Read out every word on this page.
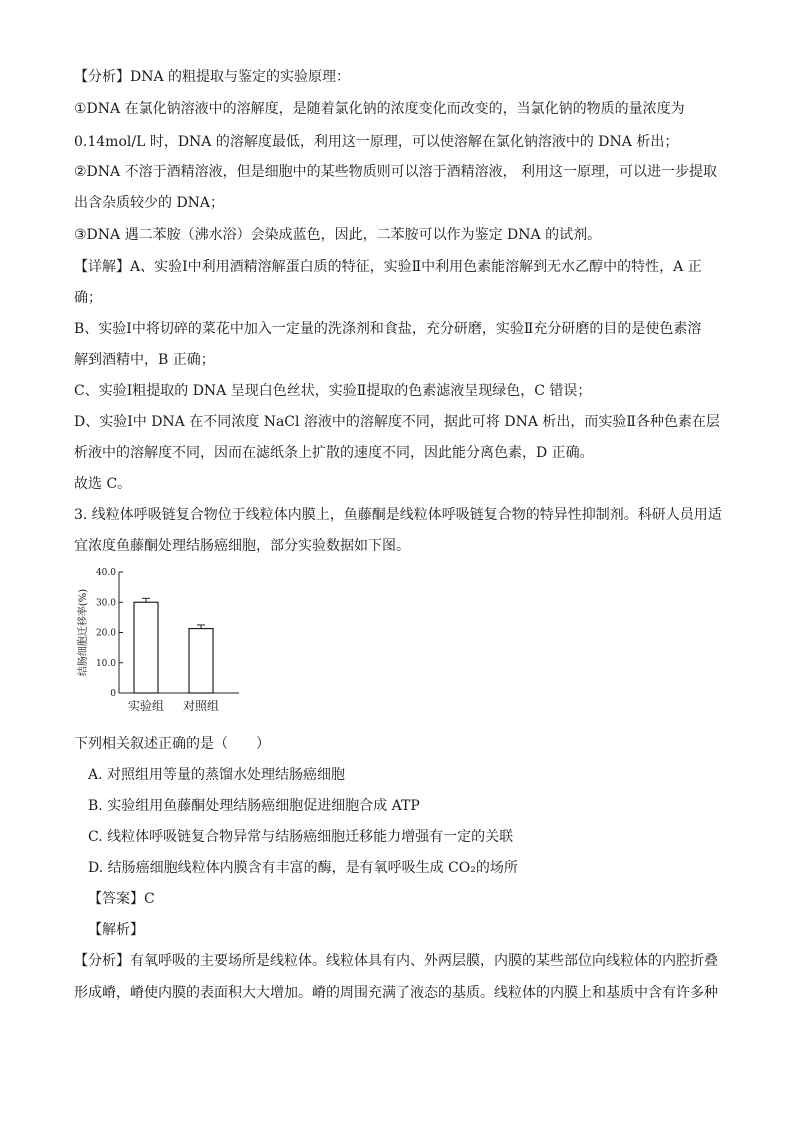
【分析】DNA 的粗提取与鉴定的实验原理：
①DNA 在氯化钠溶液中的溶解度，是随着氯化钠的浓度变化而改变的，当氯化钠的物质的量浓度为
0.14mol/L 时，DNA 的溶解度最低，利用这一原理，可以使溶解在氯化钠溶液中的 DNA 析出；
②DNA 不溶于酒精溶液，但是细胞中的某些物质则可以溶于酒精溶液， 利用这一原理，可以进一步提取
出含杂质较少的 DNA；
③DNA 遇二苯胺（沸水浴）会染成蓝色，因此，二苯胺可以作为鉴定 DNA 的试剂。
【详解】A、实验Ⅰ中利用酒精溶解蛋白质的特征，实验Ⅱ中利用色素能溶解到无水乙醇中的特性，A 正
确；
B、实验Ⅰ中将切碎的菜花中加入一定量的洗涤剂和食盐，充分研磨，实验Ⅱ充分研磨的目的是使色素溶
解到酒精中，B 正确；
C、实验Ⅰ粗提取的 DNA 呈现白色丝状，实验Ⅱ提取的色素滤液呈现绿色，C 错误；
D、实验Ⅰ中 DNA 在不同浓度 NaCl 溶液中的溶解度不同，据此可将 DNA 析出，而实验Ⅱ各种色素在层
析液中的溶解度不同，因而在滤纸条上扩散的速度不同，因此能分离色素，D 正确。
故选 C。
3. 线粒体呼吸链复合物位于线粒体内膜上，鱼藤酮是线粒体呼吸链复合物的特异性抑制剂。科研人员用适
宜浓度鱼藤酮处理结肠癌细胞，部分实验数据如下图。
0
10.0
20.0
30.0
40.0
结肠细胞迁移率(%)
实验组 对照组
下列相关叙述正确的是（　　）
A. 对照组用等量的蒸馏水处理结肠癌细胞
B. 实验组用鱼藤酮处理结肠癌细胞促进细胞合成 ATP
C. 线粒体呼吸链复合物异常与结肠癌细胞迁移能力增强有一定的关联
D. 结肠癌细胞线粒体内膜含有丰富的酶，是有氧呼吸生成 CO₂的场所
【答案】C
【解析】
【分析】有氧呼吸的主要场所是线粒体。线粒体具有内、外两层膜，内膜的某些部位向线粒体的内腔折叠
形成嵴，嵴使内膜的表面积大大增加。嵴的周围充满了液态的基质。线粒体的内膜上和基质中含有许多种
